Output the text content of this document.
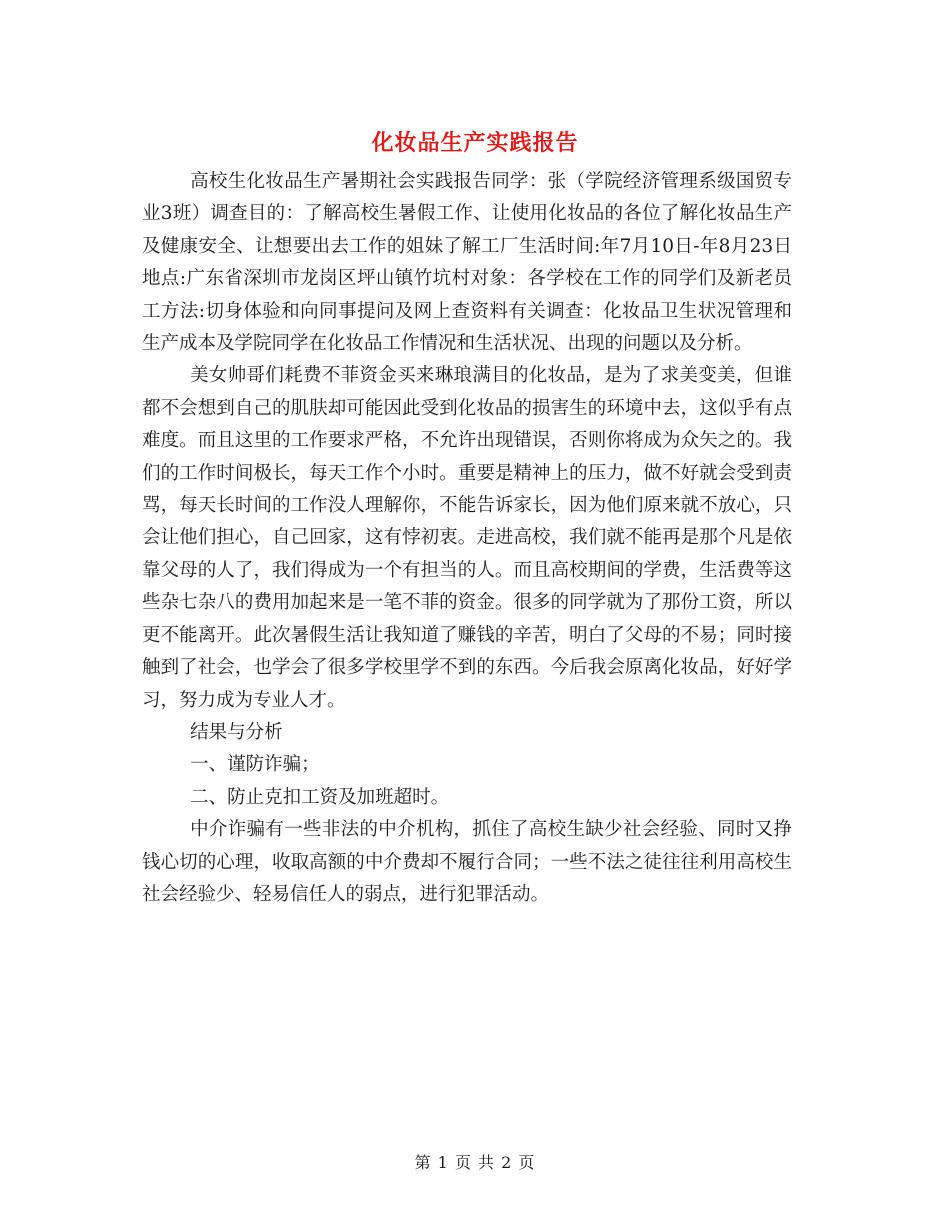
化妆品生产实践报告

高校生化妆品生产暑期社会实践报告同学：张（学院经济管理系级国贸专业3班）调查目的：了解高校生暑假工作、让使用化妆品的各位了解化妆品生产及健康安全、让想要出去工作的姐妹了解工厂生活时间:年7月10日-年8月23日地点:广东省深圳市龙岗区坪山镇竹坑村对象：各学校在工作的同学们及新老员工方法:切身体验和向同事提问及网上查资料有关调查：化妆品卫生状况管理和生产成本及学院同学在化妆品工作情况和生活状况、出现的问题以及分析。

美女帅哥们耗费不菲资金买来琳琅满目的化妆品，是为了求美变美，但谁都不会想到自己的肌肤却可能因此受到化妆品的损害生的环境中去，这似乎有点难度。而且这里的工作要求严格，不允许出现错误，否则你将成为众矢之的。我们的工作时间极长，每天工作个小时。重要是精神上的压力，做不好就会受到责骂，每天长时间的工作没人理解你，不能告诉家长，因为他们原来就不放心，只会让他们担心，自己回家，这有悖初衷。走进高校，我们就不能再是那个凡是依靠父母的人了，我们得成为一个有担当的人。而且高校期间的学费，生活费等这些杂七杂八的费用加起来是一笔不菲的资金。很多的同学就为了那份工资，所以更不能离开。此次暑假生活让我知道了赚钱的辛苦，明白了父母的不易；同时接触到了社会，也学会了很多学校里学不到的东西。今后我会原离化妆品，好好学习，努力成为专业人才。

结果与分析

一、谨防诈骗；

二、防止克扣工资及加班超时。

中介诈骗有一些非法的中介机构，抓住了高校生缺少社会经验、同时又挣钱心切的心理，收取高额的中介费却不履行合同；一些不法之徒往往利用高校生社会经验少、轻易信任人的弱点，进行犯罪活动。

第 1 页 共 2 页
